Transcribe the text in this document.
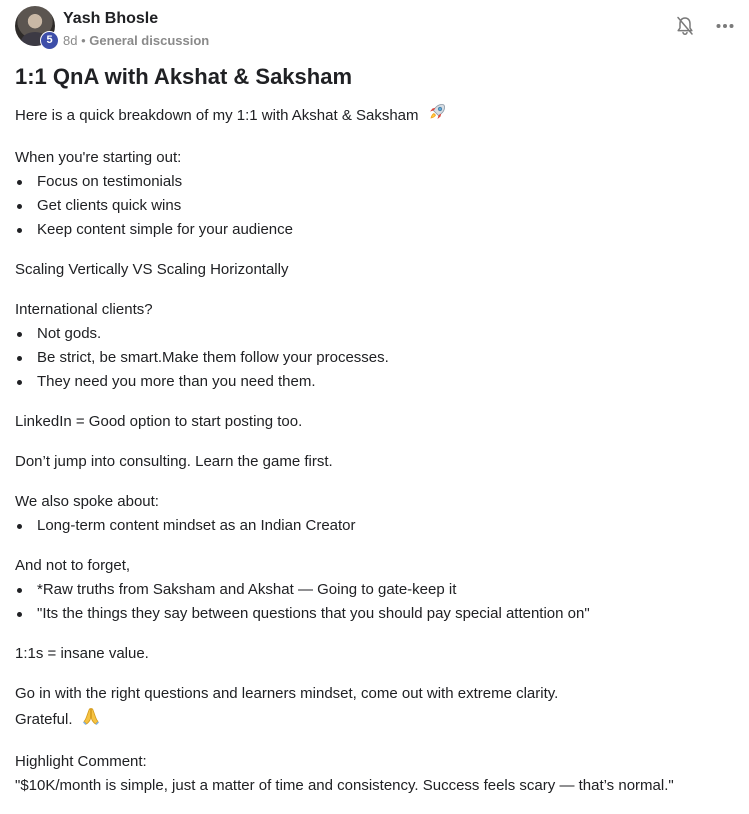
5
Yash Bhosle
8d • General discussion
1:1 QnA with Akshat & Saksham

Here is a quick breakdown of my 1:1 with Akshat & Saksham

When you're starting out:

Focus on testimonials
Get clients quick wins
Keep content simple for your audience

Scaling Vertically VS Scaling Horizontally

International clients?

Not gods.
Be strict, be smart.Make them follow your processes.
They need you more than you need them.

LinkedIn = Good option to start posting too.

Don’t jump into consulting. Learn the game first.

We also spoke about:

Long-term content mindset as an Indian Creator

And not to forget,

*Raw truths from Saksham and Akshat — Going to gate-keep it
"Its the things they say between questions that you should pay special attention on"

1:1s = insane value.

Go in with the right questions and learners mindset, come out with extreme clarity.

Grateful.

Highlight Comment:

"$10K/month is simple, just a matter of time and consistency. Success feels scary — that’s normal."
